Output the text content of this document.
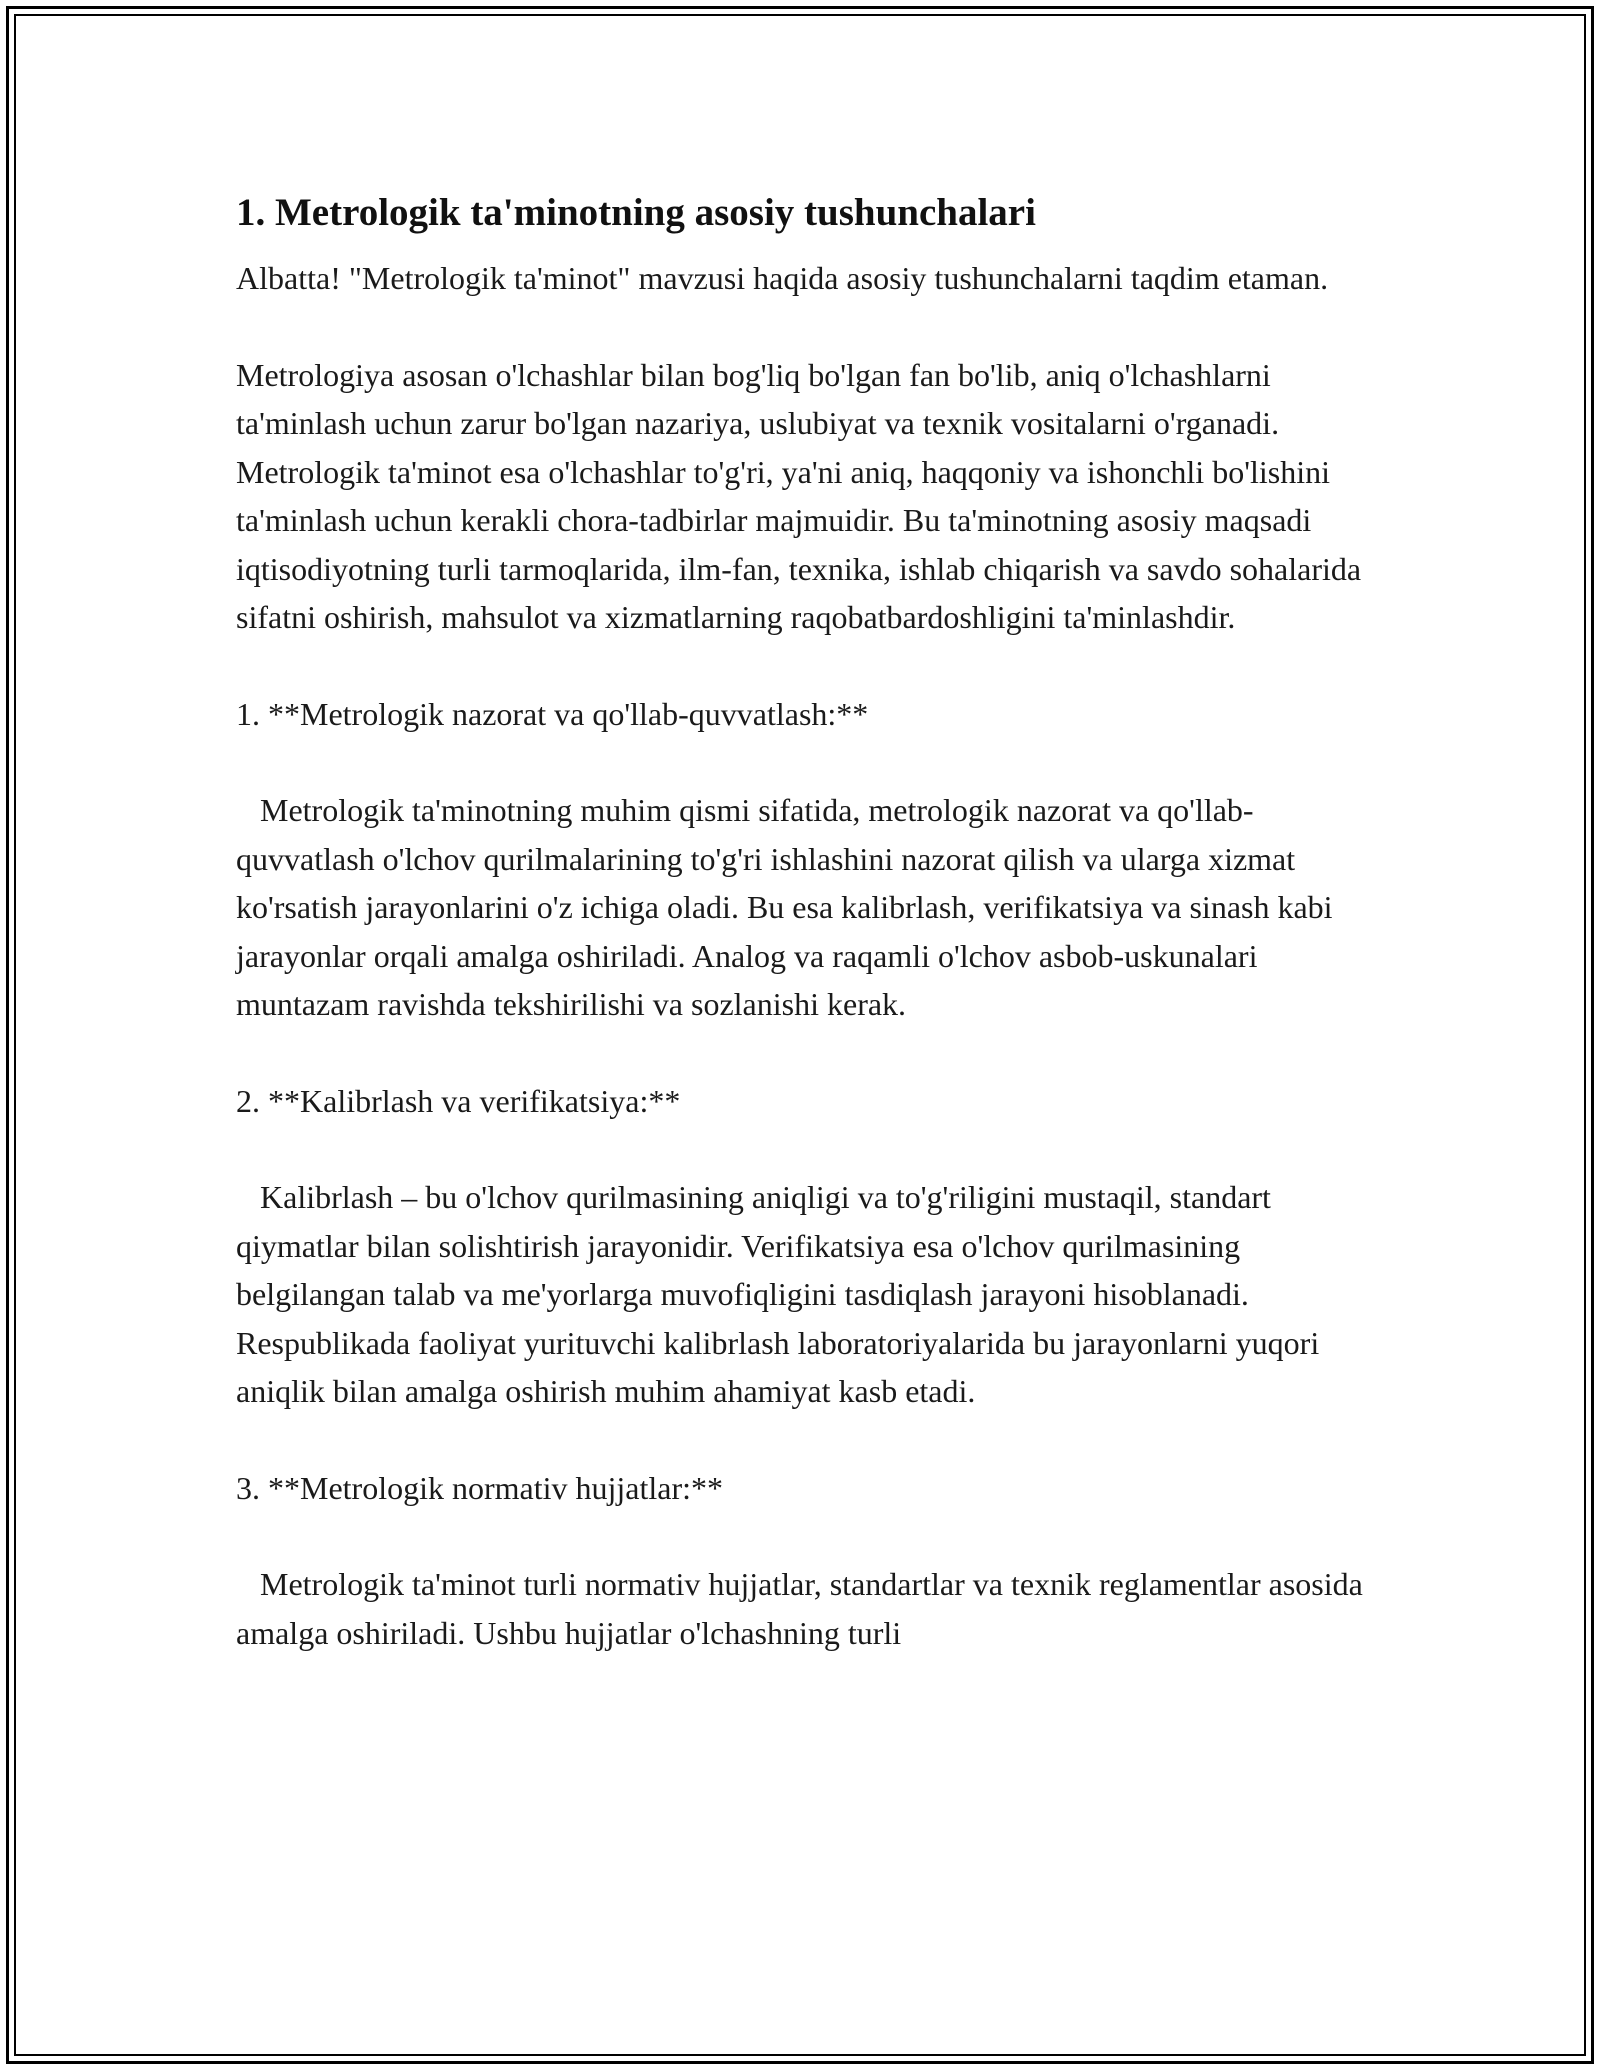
1. Metrologik ta'minotning asosiy tushunchalari

Albatta! "Metrologik ta'minot" mavzusi haqida asosiy tushunchalarni taqdim etaman.

Metrologiya asosan o'lchashlar bilan bog'liq bo'lgan fan bo'lib, aniq o'lchashlarni ta'minlash uchun zarur bo'lgan nazariya, uslubiyat va texnik vositalarni o'rganadi. Metrologik ta'minot esa o'lchashlar to'g'ri, ya'ni aniq, haqqoniy va ishonchli bo'lishini ta'minlash uchun kerakli chora-tadbirlar majmuidir. Bu ta'minotning asosiy maqsadi iqtisodiyotning turli tarmoqlarida, ilm-fan, texnika, ishlab chiqarish va savdo sohalarida sifatni oshirish, mahsulot va xizmatlarning raqobatbardoshligini ta'minlashdir.

1. **Metrologik nazorat va qo'llab-quvvatlash:**

Metrologik ta'minotning muhim qismi sifatida, metrologik nazorat va qo'llab-quvvatlash o'lchov qurilmalarining to'g'ri ishlashini nazorat qilish va ularga xizmat ko'rsatish jarayonlarini o'z ichiga oladi. Bu esa kalibrlash, verifikatsiya va sinash kabi jarayonlar orqali amalga oshiriladi. Analog va raqamli o'lchov asbob-uskunalari muntazam ravishda tekshirilishi va sozlanishi kerak.

2. **Kalibrlash va verifikatsiya:**

Kalibrlash – bu o'lchov qurilmasining aniqligi va to'g'riligini mustaqil, standart qiymatlar bilan solishtirish jarayonidir. Verifikatsiya esa o'lchov qurilmasining belgilangan talab va me'yorlarga muvofiqligini tasdiqlash jarayoni hisoblanadi. Respublikada faoliyat yurituvchi kalibrlash laboratoriyalarida bu jarayonlarni yuqori aniqlik bilan amalga oshirish muhim ahamiyat kasb etadi.

3. **Metrologik normativ hujjatlar:**

Metrologik ta'minot turli normativ hujjatlar, standartlar va texnik reglamentlar asosida amalga oshiriladi. Ushbu hujjatlar o'lchashning turli
